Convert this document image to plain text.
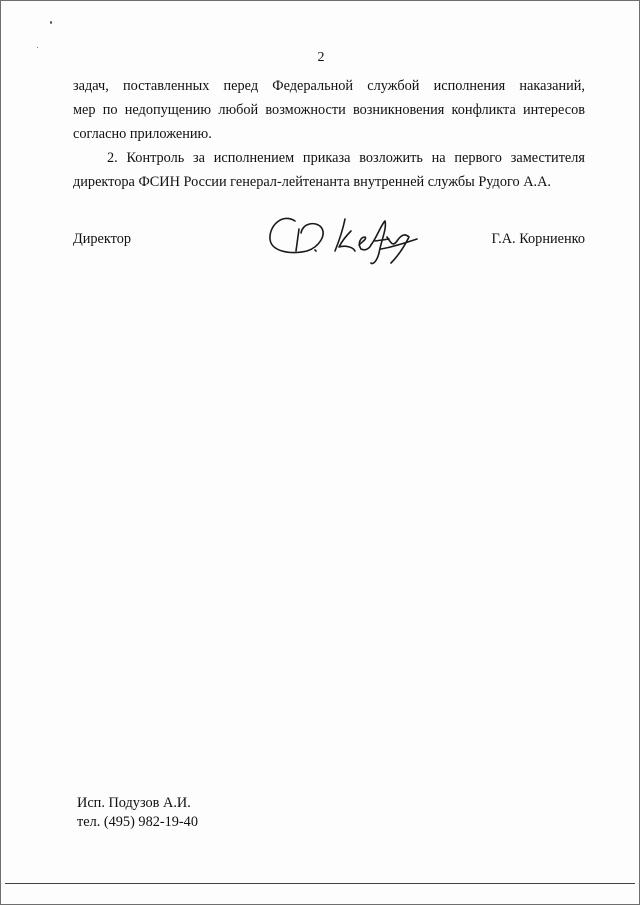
2
задач, поставленных перед Федеральной службой исполнения наказаний,
мер по недопущению любой возможности возникновения конфликта интересов
согласно приложению.
2. Контроль за исполнением приказа возложить на первого заместителя
директора ФСИН России генерал-лейтенанта внутренней службы Рудого А.А.
Директор	Г.А. Корниенко
Исп. Подузов А.И.
тел. (495) 982-19-40
